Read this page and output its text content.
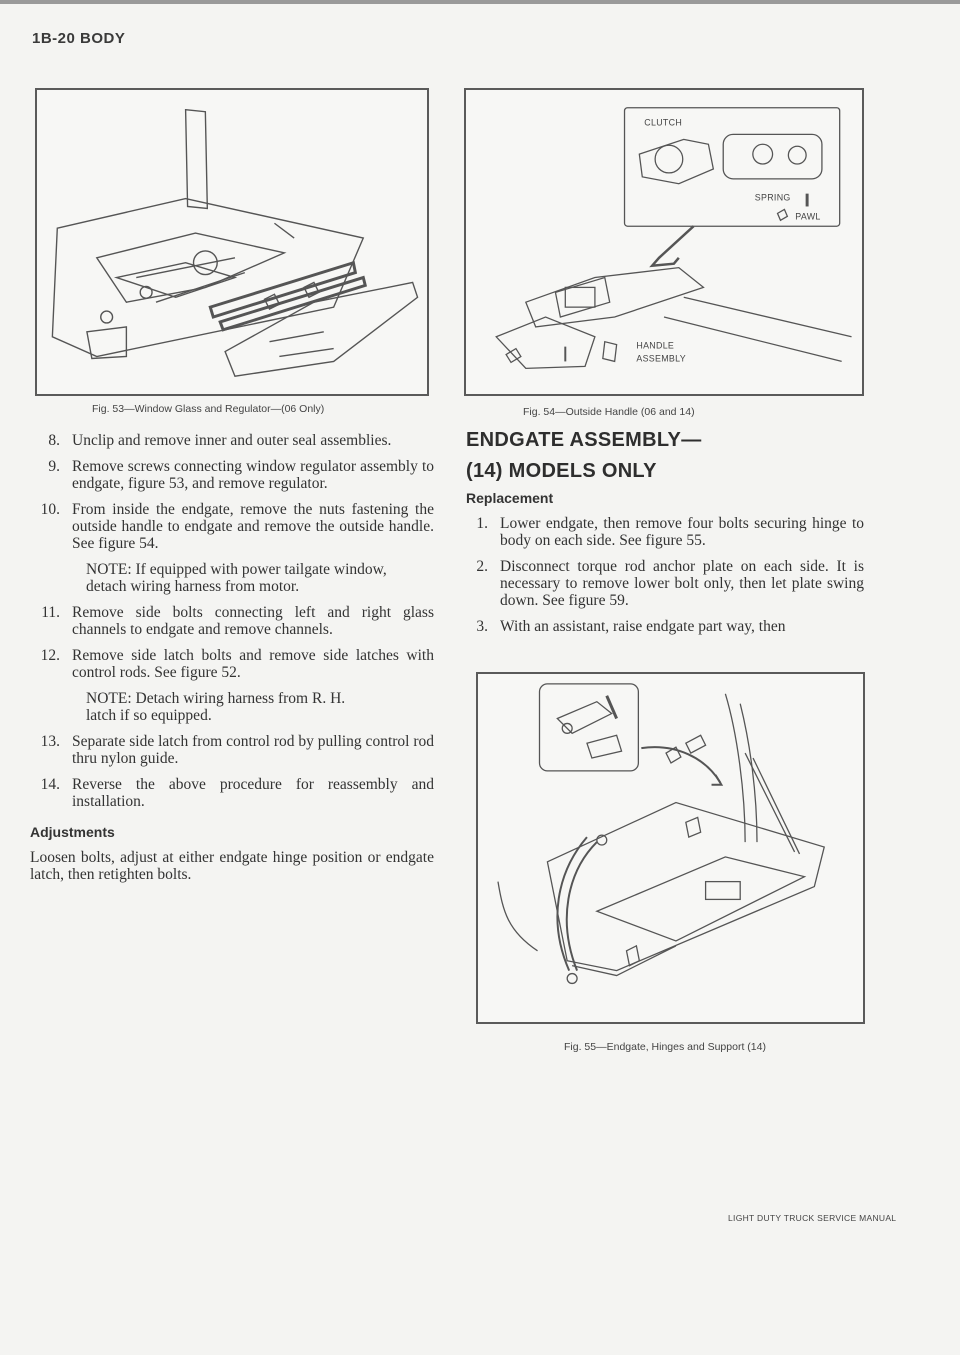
1B-20 BODY
Fig. 53—Window Glass and Regulator—(06 Only)
CLUTCH
SPRING
PAWL
HANDLE
ASSEMBLY
Fig. 54—Outside Handle (06 and 14)
8. Unclip and remove inner and outer seal assemblies.
9. Remove screws connecting window regulator assembly to endgate, figure 53, and remove regulator.
10. From inside the endgate, remove the nuts fastening the outside handle to endgate and remove the outside handle. See figure 54.
NOTE: If equipped with power tailgate window, detach wiring harness from motor.
11. Remove side bolts connecting left and right glass channels to endgate and remove channels.
12. Remove side latch bolts and remove side latches with control rods. See figure 52.
NOTE: Detach wiring harness from R. H. latch if so equipped.
13. Separate side latch from control rod by pulling control rod thru nylon guide.
14. Reverse the above procedure for reassembly and installation.
Adjustments
Loosen bolts, adjust at either endgate hinge position or endgate latch, then retighten bolts.
ENDGATE ASSEMBLY—
(14) MODELS ONLY
Replacement
1. Lower endgate, then remove four bolts securing hinge to body on each side. See figure 55.
2. Disconnect torque rod anchor plate on each side. It is necessary to remove lower bolt only, then let plate swing down. See figure 59.
3. With an assistant, raise endgate part way, then
Fig. 55—Endgate, Hinges and Support (14)
LIGHT DUTY TRUCK SERVICE MANUAL
